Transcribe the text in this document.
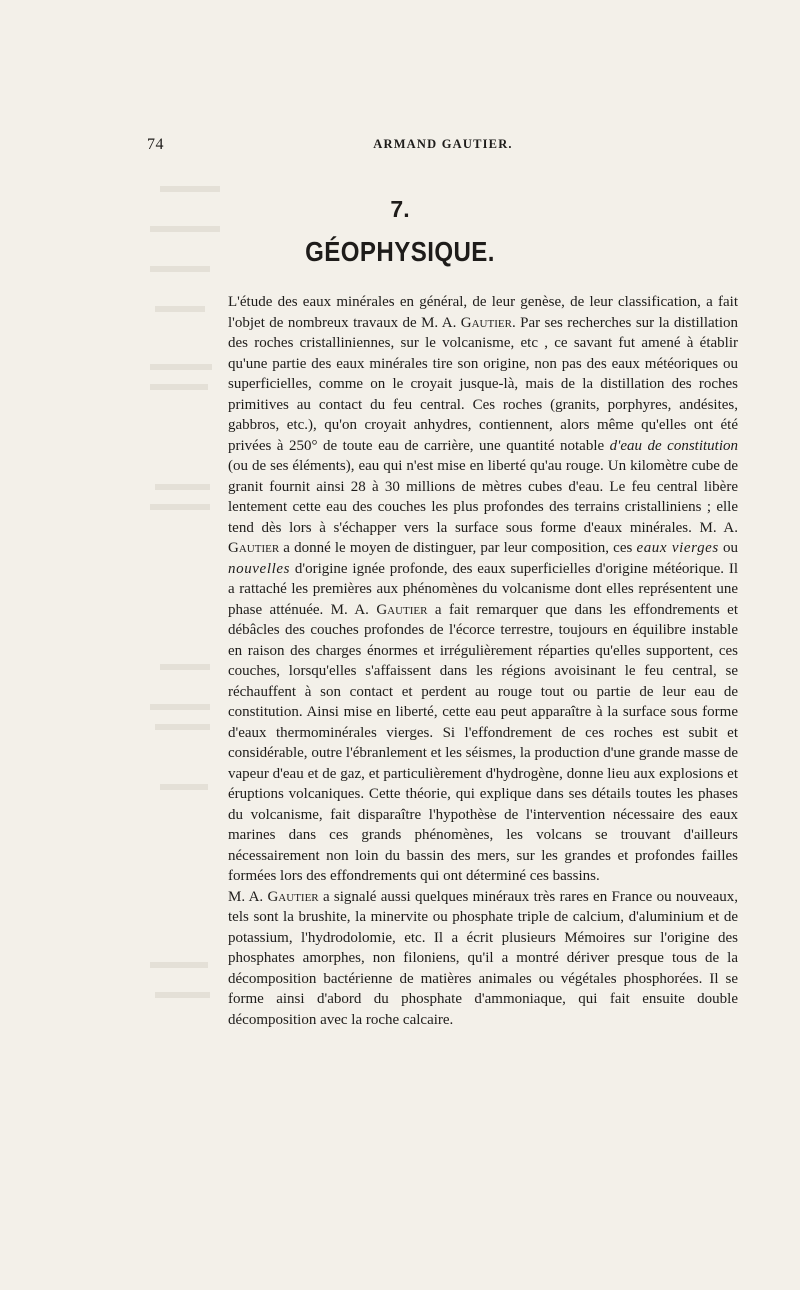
74	ARMAND GAUTIER.
7.
GÉOPHYSIQUE.

L'étude des eaux minérales en général, de leur genèse, de leur classification, a fait l'objet de nombreux travaux de M. A. Gautier. Par ses recherches sur la distillation des roches cristalliniennes, sur le volcanisme, etc , ce savant fut amené à établir qu'une partie des eaux minérales tire son origine, non pas des eaux météoriques ou superficielles, comme on le croyait jusque-là, mais de la distillation des roches primitives au contact du feu central. Ces roches (granits, porphyres, andésites, gabbros, etc.), qu'on croyait anhydres, contiennent, alors même qu'elles ont été privées à 250° de toute eau de carrière, une quantité notable d'eau de constitution (ou de ses éléments), eau qui n'est mise en liberté qu'au rouge. Un kilomètre cube de granit fournit ainsi 28 à 30 millions de mètres cubes d'eau. Le feu central libère lentement cette eau des couches les plus profondes des terrains cristalliniens ; elle tend dès lors à s'échapper vers la surface sous forme d'eaux minérales. M. A. Gautier a donné le moyen de distinguer, par leur composition, ces eaux vierges ou nouvelles d'origine ignée profonde, des eaux superficielles d'origine météorique. Il a rattaché les premières aux phénomènes du volcanisme dont elles représentent une phase atténuée. M. A. Gautier a fait remarquer que dans les effondrements et débâcles des couches profondes de l'écorce terrestre, toujours en équilibre instable en raison des charges énormes et irrégulièrement réparties qu'elles supportent, ces couches, lorsqu'elles s'affaissent dans les régions avoisinant le feu central, se réchauffent à son contact et perdent au rouge tout ou partie de leur eau de constitution. Ainsi mise en liberté, cette eau peut apparaître à la surface sous forme d'eaux thermominérales vierges. Si l'effondrement de ces roches est subit et considérable, outre l'ébranlement et les séismes, la production d'une grande masse de vapeur d'eau et de gaz, et particulièrement d'hydrogène, donne lieu aux explosions et éruptions volcaniques. Cette théorie, qui explique dans ses détails toutes les phases du volcanisme, fait disparaître l'hypothèse de l'intervention nécessaire des eaux marines dans ces grands phénomènes, les volcans se trouvant d'ailleurs nécessairement non loin du bassin des mers, sur les grandes et profondes failles formées lors des effondrements qui ont déterminé ces bassins.

M. A. Gautier a signalé aussi quelques minéraux très rares en France ou nouveaux, tels sont la brushite, la minervite ou phosphate triple de calcium, d'aluminium et de potassium, l'hydrodolomie, etc. Il a écrit plusieurs Mémoires sur l'origine des phosphates amorphes, non filoniens, qu'il a montré dériver presque tous de la décomposition bactérienne de matières animales ou végétales phosphorées. Il se forme ainsi d'abord du phosphate d'ammoniaque, qui fait ensuite double décomposition avec la roche calcaire.
